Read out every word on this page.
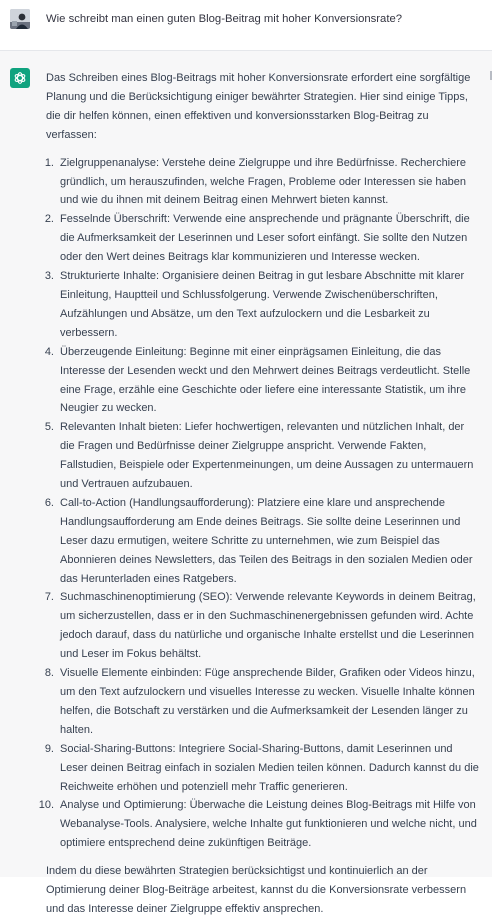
Wie schreibt man einen guten Blog-Beitrag mit hoher Konversionsrate?

Das Schreiben eines Blog-Beitrags mit hoher Konversionsrate erfordert eine sorgfältige Planung und die Berücksichtigung einiger bewährter Strategien. Hier sind einige Tipps, die dir helfen können, einen effektiven und konversionsstarken Blog-Beitrag zu verfassen:

1. Zielgruppenanalyse: Verstehe deine Zielgruppe und ihre Bedürfnisse. Recherchiere gründlich, um herauszufinden, welche Fragen, Probleme oder Interessen sie haben und wie du ihnen mit deinem Beitrag einen Mehrwert bieten kannst.
2. Fesselnde Überschrift: Verwende eine ansprechende und prägnante Überschrift, die die Aufmerksamkeit der Leserinnen und Leser sofort einfängt. Sie sollte den Nutzen oder den Wert deines Beitrags klar kommunizieren und Interesse wecken.
3. Strukturierte Inhalte: Organisiere deinen Beitrag in gut lesbare Abschnitte mit klarer Einleitung, Hauptteil und Schlussfolgerung. Verwende Zwischenüberschriften, Aufzählungen und Absätze, um den Text aufzulockern und die Lesbarkeit zu verbessern.
4. Überzeugende Einleitung: Beginne mit einer einprägsamen Einleitung, die das Interesse der Lesenden weckt und den Mehrwert deines Beitrags verdeutlicht. Stelle eine Frage, erzähle eine Geschichte oder liefere eine interessante Statistik, um ihre Neugier zu wecken.
5. Relevanten Inhalt bieten: Liefer hochwertigen, relevanten und nützlichen Inhalt, der die Fragen und Bedürfnisse deiner Zielgruppe anspricht. Verwende Fakten, Fallstudien, Beispiele oder Expertenmeinungen, um deine Aussagen zu untermauern und Vertrauen aufzubauen.
6. Call-to-Action (Handlungsaufforderung): Platziere eine klare und ansprechende Handlungsaufforderung am Ende deines Beitrags. Sie sollte deine Leserinnen und Leser dazu ermutigen, weitere Schritte zu unternehmen, wie zum Beispiel das Abonnieren deines Newsletters, das Teilen des Beitrags in den sozialen Medien oder das Herunterladen eines Ratgebers.
7. Suchmaschinenoptimierung (SEO): Verwende relevante Keywords in deinem Beitrag, um sicherzustellen, dass er in den Suchmaschinenergebnissen gefunden wird. Achte jedoch darauf, dass du natürliche und organische Inhalte erstellst und die Leserinnen und Leser im Fokus behältst.
8. Visuelle Elemente einbinden: Füge ansprechende Bilder, Grafiken oder Videos hinzu, um den Text aufzulockern und visuelles Interesse zu wecken. Visuelle Inhalte können helfen, die Botschaft zu verstärken und die Aufmerksamkeit der Lesenden länger zu halten.
9. Social-Sharing-Buttons: Integriere Social-Sharing-Buttons, damit Leserinnen und Leser deinen Beitrag einfach in sozialen Medien teilen können. Dadurch kannst du die Reichweite erhöhen und potenziell mehr Traffic generieren.
10. Analyse und Optimierung: Überwache die Leistung deines Blog-Beitrags mit Hilfe von Webanalyse-Tools. Analysiere, welche Inhalte gut funktionieren und welche nicht, und optimiere entsprechend deine zukünftigen Beiträge.

Indem du diese bewährten Strategien berücksichtigst und kontinuierlich an der Optimierung deiner Blog-Beiträge arbeitest, kannst du die Konversionsrate verbessern und das Interesse deiner Zielgruppe effektiv ansprechen.
